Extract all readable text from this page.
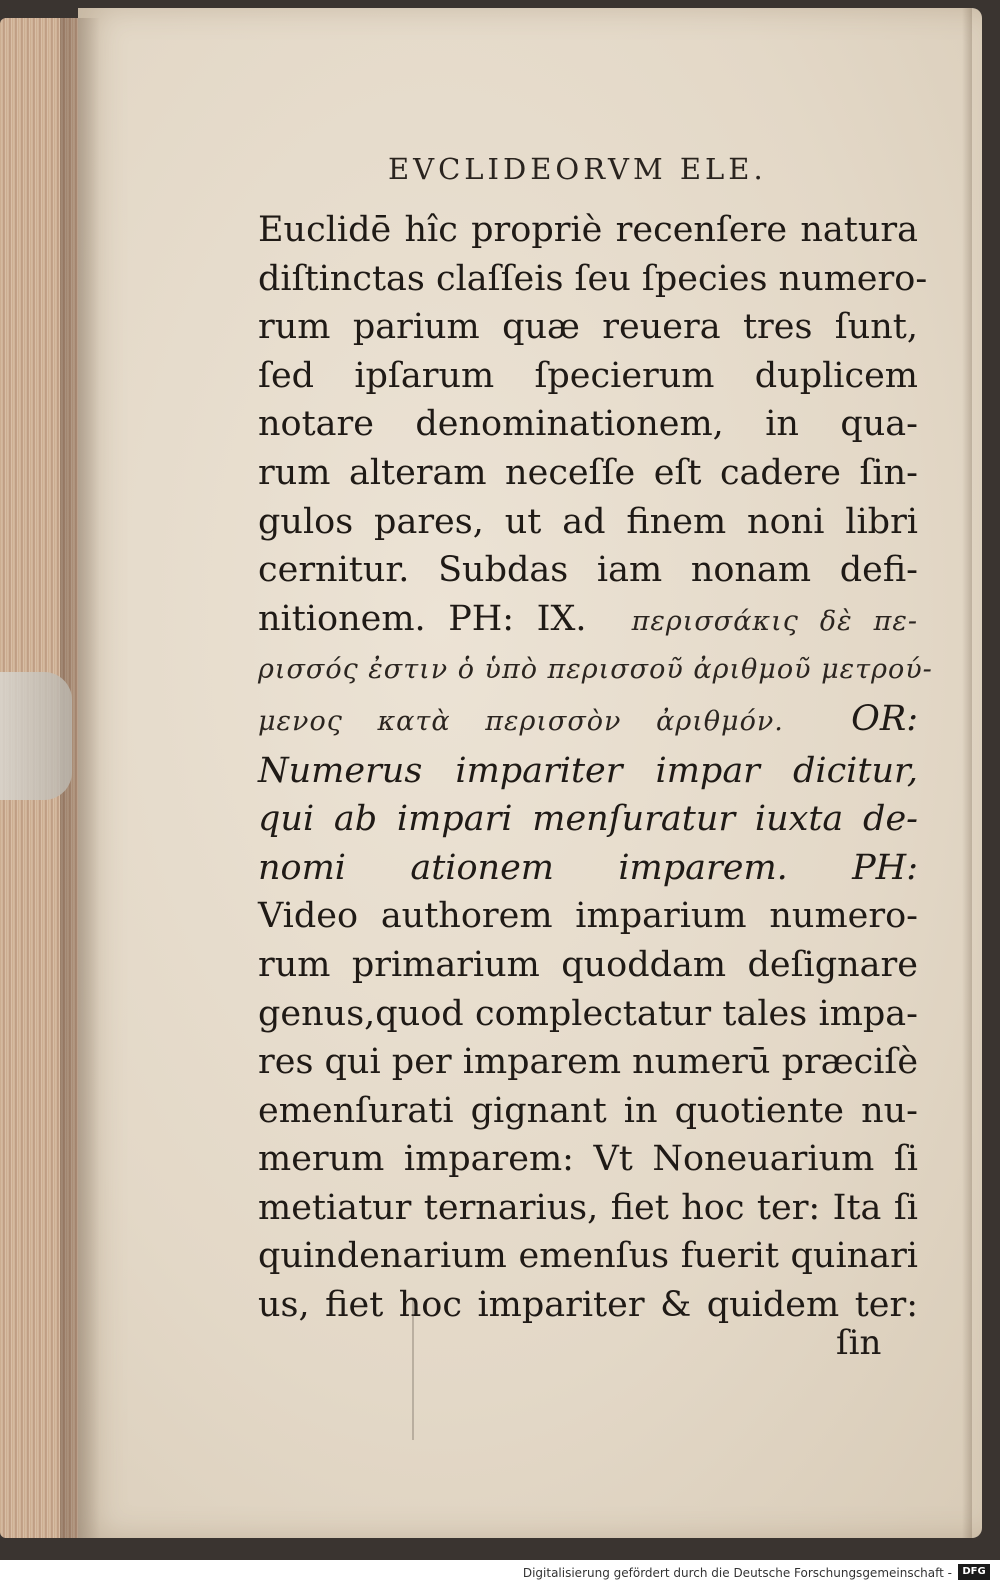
EVCLIDEORVM ELE.
Euclidē hîc propriè recenſere natura
diſtinctas claſſeis ſeu ſpecies numero-
rum parium quæ reuera tres ſunt,
ſed ipſarum ſpecierum duplicem
notare denominationem, in qua-
rum alteram neceſſe eſt cadere ſin-
gulos pares, ut ad finem noni libri
cernitur. Subdas iam nonam defi-
nitionem. PH: IX. περισσάκις δὲ πε-
ρισσός ἐστιν ὁ ὑπὸ περισσοῦ ἀριθμοῦ μετρού-
μενος κατὰ περισσὸν ἀριθμόν. OR:
Numerus impariter impar dicitur,
qui ab impari menſuratur iuxta de-
nomi ationem imparem. PH:
Video authorem imparium numero-
rum primarium quoddam deſignare
genus,quod complectatur tales impa-
res qui per imparem numerū præciſè
emenſurati gignant in quotiente nu-
merum imparem: Vt Noneuarium ſi
metiatur ternarius, fiet hoc ter: Ita ſi
quindenarium emenſus fuerit quinari
us, fiet hoc impariter & quidem ter:
ſin
Digitalisierung gefördert durch die Deutsche Forschungsgemeinschaft -	DFG
